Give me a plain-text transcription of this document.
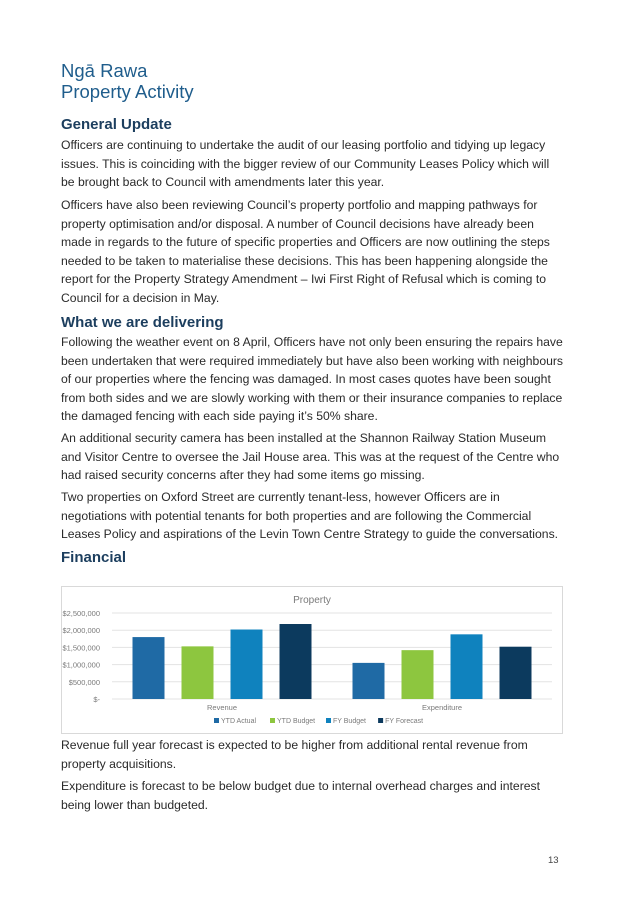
Ngā Rawa
Property Activity
General Update

Officers are continuing to undertake the audit of our leasing portfolio and tidying up legacy issues. This is coinciding with the bigger review of our Community Leases Policy which will be brought back to Council with amendments later this year.

Officers have also been reviewing Council’s property portfolio and mapping pathways for property optimisation and/or disposal. A number of Council decisions have already been made in regards to the future of specific properties and Officers are now outlining the steps needed to be taken to materialise these decisions. This has been happening alongside the report for the Property Strategy Amendment – Iwi First Right of Refusal which is coming to Council for a decision in May.

What we are delivering

Following the weather event on 8 April, Officers have not only been ensuring the repairs have been undertaken that were required immediately but have also been working with neighbours of our properties where the fencing was damaged. In most cases quotes have been sought from both sides and we are slowly working with them or their insurance companies to replace the damaged fencing with each side paying it’s 50% share.

An additional security camera has been installed at the Shannon Railway Station Museum and Visitor Centre to oversee the Jail House area. This was at the request of the Centre who had raised security concerns after they had some items go missing.

Two properties on Oxford Street are currently tenant-less, however Officers are in negotiations with potential tenants for both properties and are following the Commercial Leases Policy and aspirations of the Levin Town Centre Strategy to guide the conversations.

Financial
Property
$-
$500,000
$1,000,000
$1,500,000
$2,000,000
$2,500,000
Revenue	Expenditure
YTD Actual	YTD Budget	FY Budget	FY Forecast

Revenue full year forecast is expected to be higher from additional rental revenue from property acquisitions.

Expenditure is forecast to be below budget due to internal overhead charges and interest being lower than budgeted.

13
